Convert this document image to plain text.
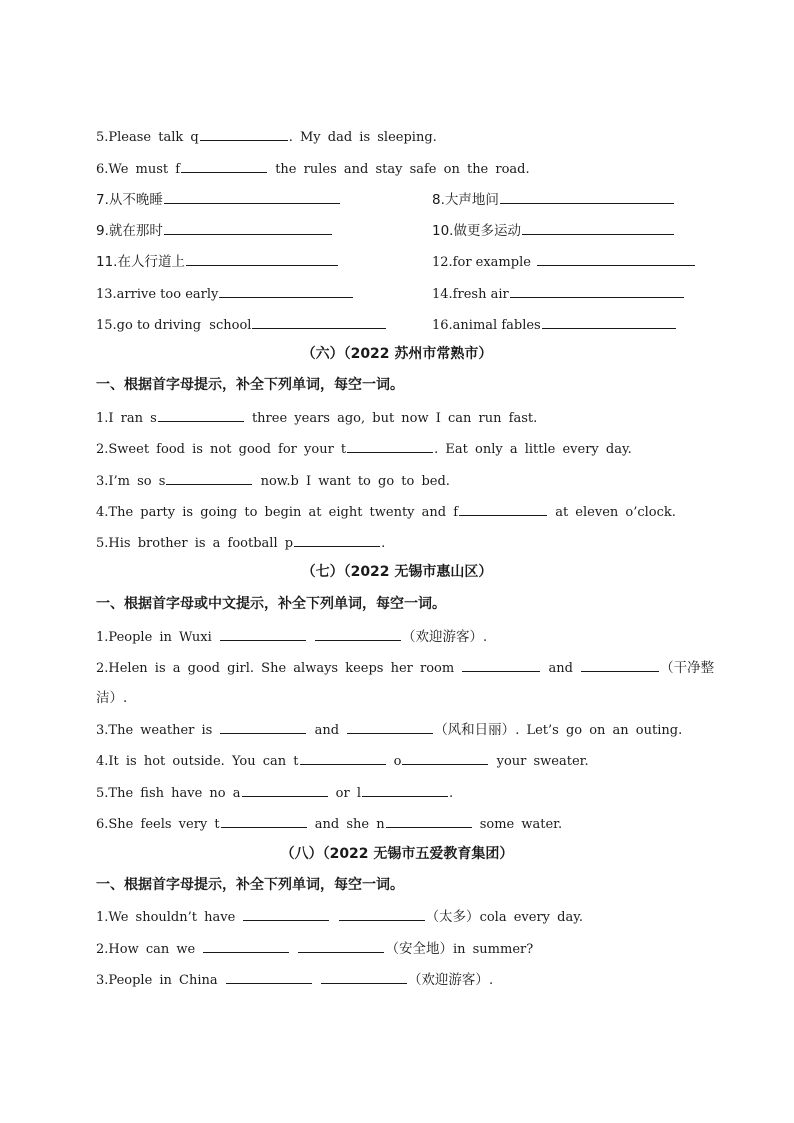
5.Please talk q	. My dad is sleeping.
6.We must f	the rules and stay safe on the road.
7.从不晚睡	8.大声地问
9.就在那时	10.做更多运动
11.在人行道上	12.for example
13.arrive too early	14.fresh air
15.go to driving  school	16.animal fables
（六）（2022 苏州市常熟市）
一、根据首字母提示，补全下列单词，每空一词。
1.I ran s	three years ago, but now I can run fast.
2.Sweet food is not good for your t	. Eat only a little every day.
3.I’m so s	now.b I want to go to bed.
4.The party is going to begin at eight twenty and f	at eleven o’clock.
5.His brother is a football p	.
（七）（2022 无锡市惠山区）
一、根据首字母或中文提示，补全下列单词，每空一词。
1.People in Wuxi	（欢迎游客）.
2.Helen is a good girl. She always keeps her room	and	（干净整
洁）.
3.The weather is	and	（风和日丽）. Let’s go on an outing.
4.It is hot outside. You can t	o	your sweater.
5.The fish have no a	or l	.
6.She feels very t	and she n	some water.
（八）（2022 无锡市五爱教育集团）
一、根据首字母提示，补全下列单词，每空一词。
1.We shouldn’t have	（太多）cola every day.
2.How can we	（安全地）in summer?
3.People in China	（欢迎游客）.
